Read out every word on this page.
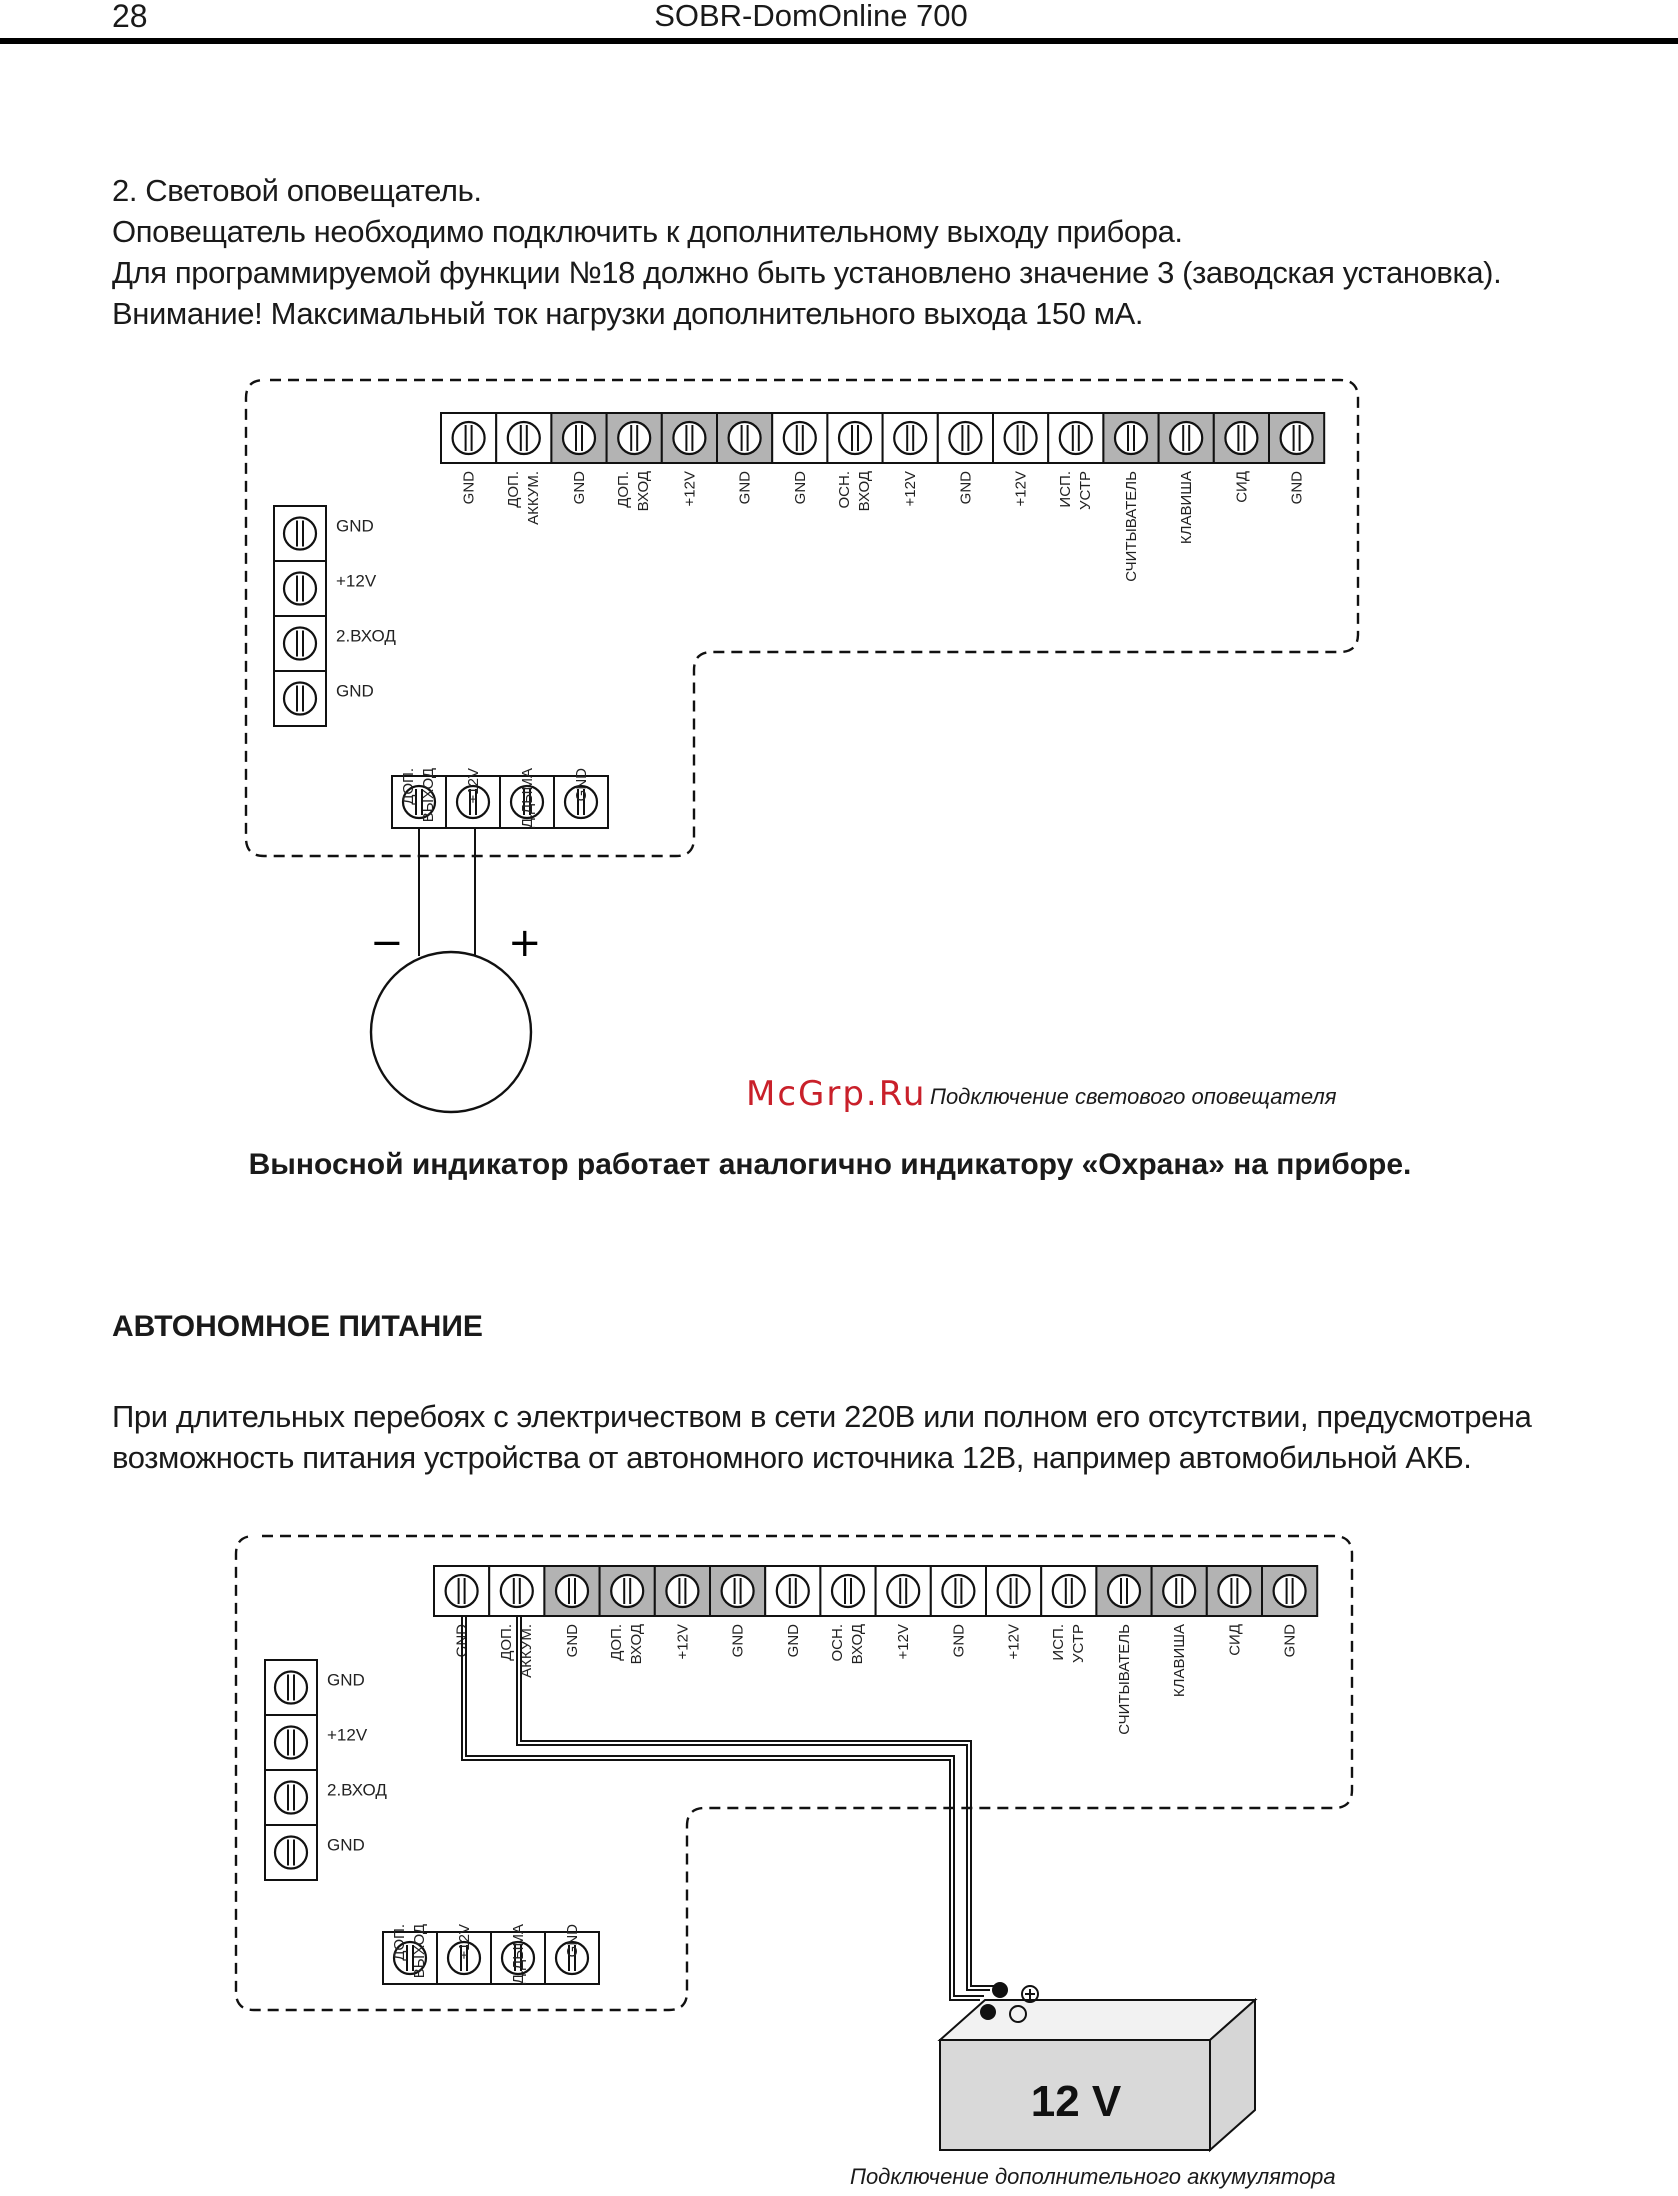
28	SOBR-DomOnline 700
2. Световой оповещатель.
Оповещатель необходимо подключить к дополнительному выходу прибора.
Для программируемой функции №18 должно быть установлено значение 3 (заводская установка).
Внимание! Максимальный ток нагрузки дополнительного выхода 150 мА.
GND ДОП. АККУМ. GND ДОП. ВХОД +12V	GND	GND ОСН. ВХОД +12V	GND	+12V ИСП. УСТР СЧИТЫВАТЕЛЬ	КЛАВИША	СИД	GND
GND
+12V
2.ВХОД
GND
ДОП. ВЫХОД +12V Д.ДЫМА GND
−	+
GND ДОП. АККУМ. GND ДОП. ВХОД +12V	GND	GND ОСН. ВХОД +12V	GND	+12V ИСП. УСТР СЧИТЫВАТЕЛЬ	КЛАВИША	СИД	GND
GND
+12V
2.ВХОД
GND
ДОП. ВЫХОД +12V Д.ДЫМА GND
12 V
McGrp.Ru Подключение светового оповещателя
Выносной индикатор работает аналогично индикатору «Охрана» на приборе.
АВТОНОМНОЕ ПИТАНИЕ
При длительных перебоях с электричеством в сети 220В или полном его отсутствии, предусмотрена
возможность питания устройства от автономного источника 12В, например автомобильной АКБ.
Подключение дополнительного аккумулятора
